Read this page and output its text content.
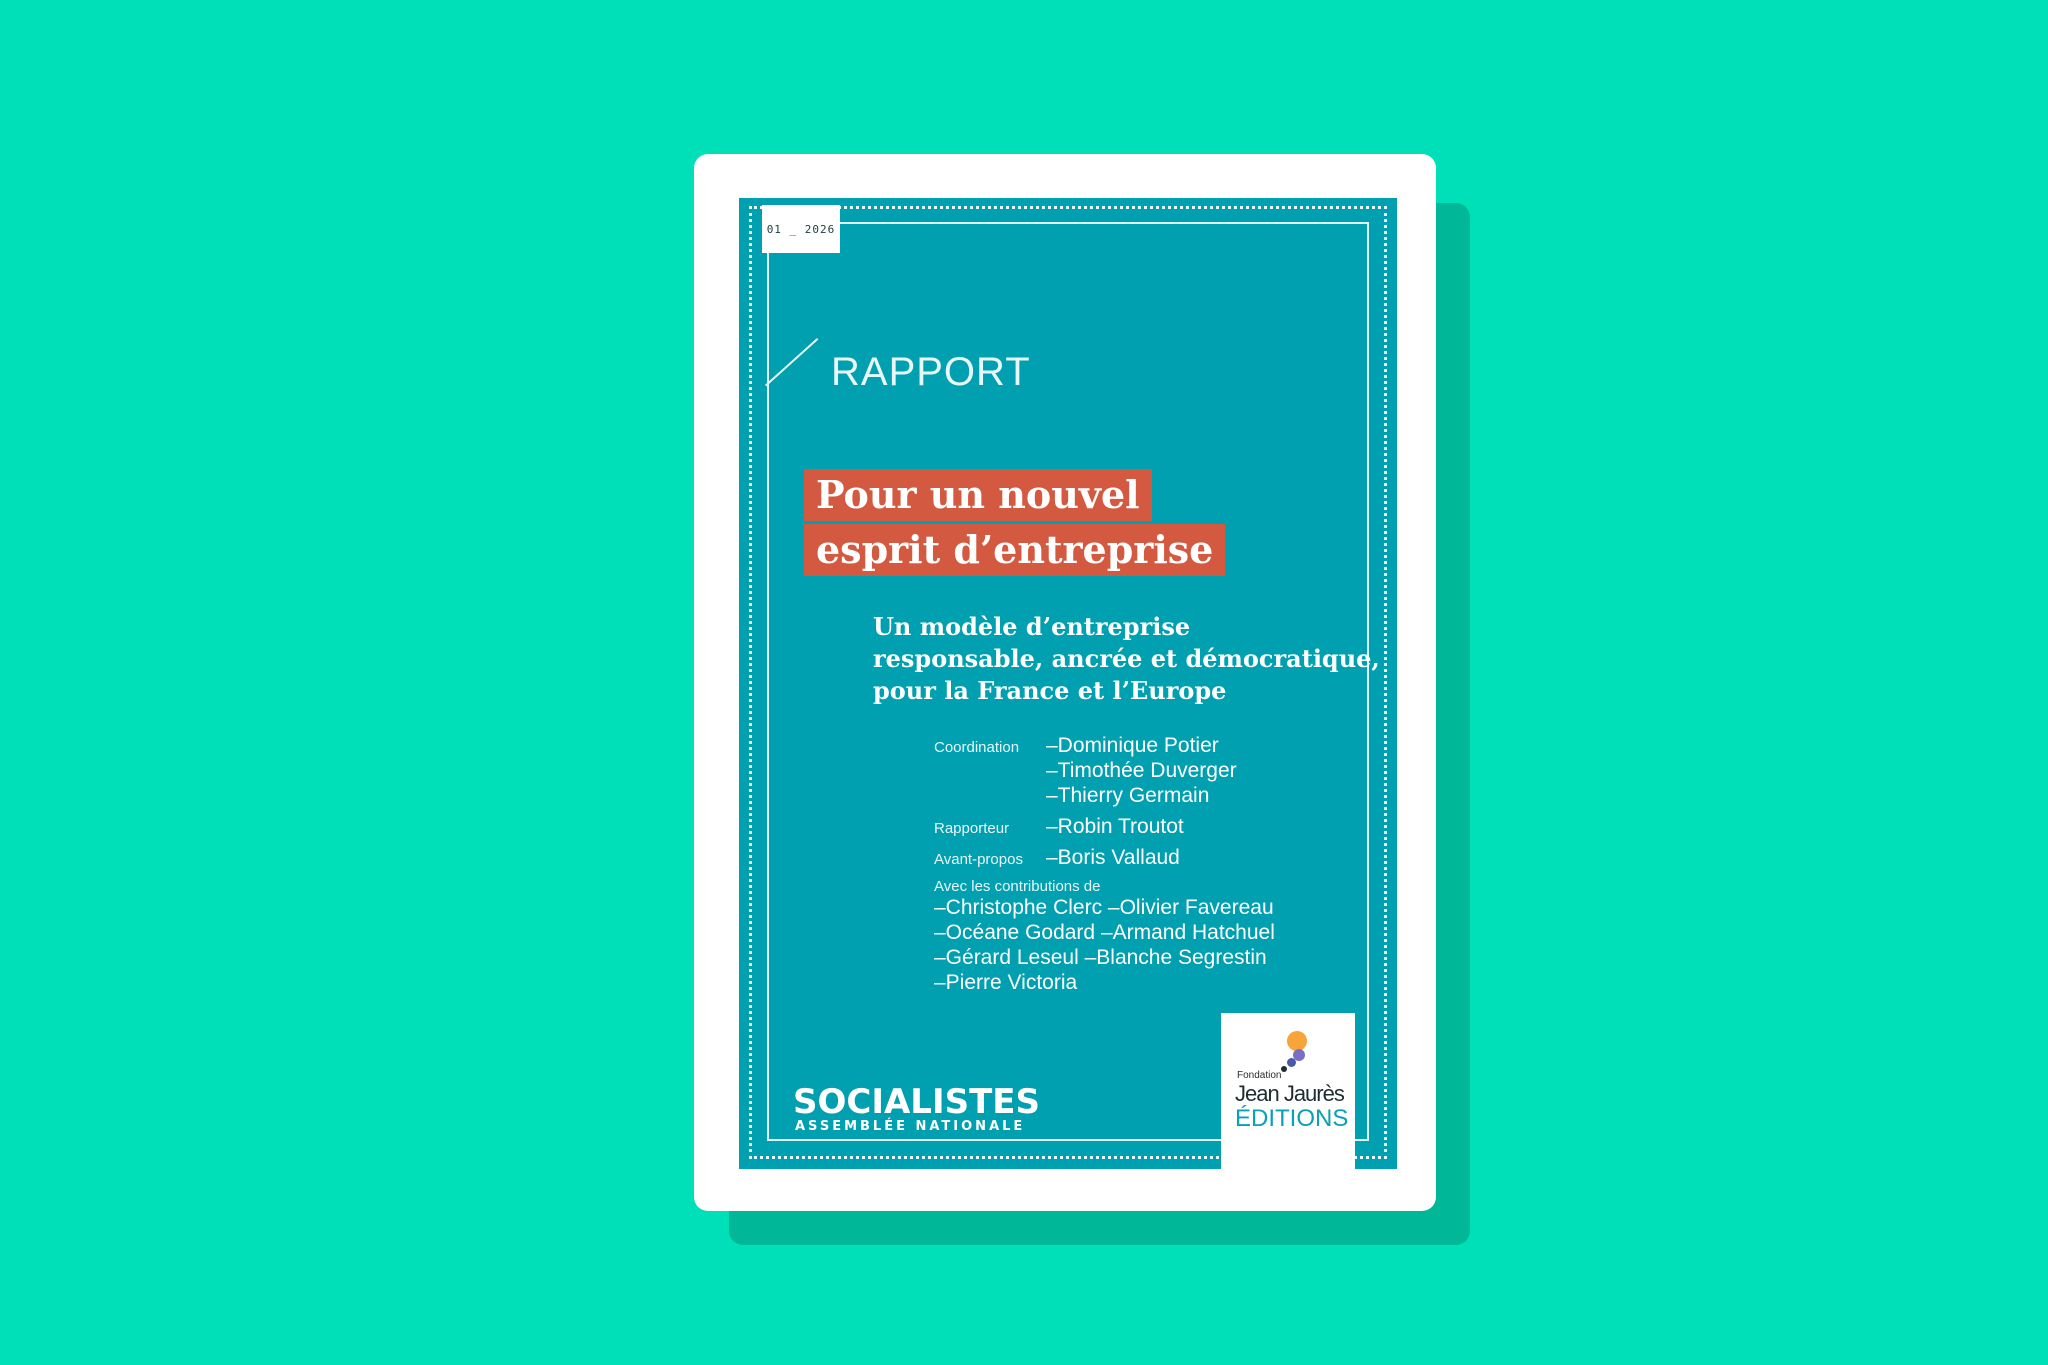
01 _ 2026
RAPPORT
Pour un nouvel
esprit d’entreprise
Un modèle d’entreprise
responsable, ancrée et démocratique,
pour la France et l’Europe
Coordination	–Dominique Potier
–Timothée Duverger
–Thierry Germain
Rapporteur	–Robin Troutot
Avant-propos	–Boris Vallaud
Avec les contributions de
–Christophe Clerc –Olivier Favereau
–Océane Godard –Armand Hatchuel
–Gérard Leseul –Blanche Segrestin
–Pierre Victoria
SOCIALISTES
ASSEMBLÉE NATIONALE
Fondation
Jean Jaurès
ÉDITIONS
